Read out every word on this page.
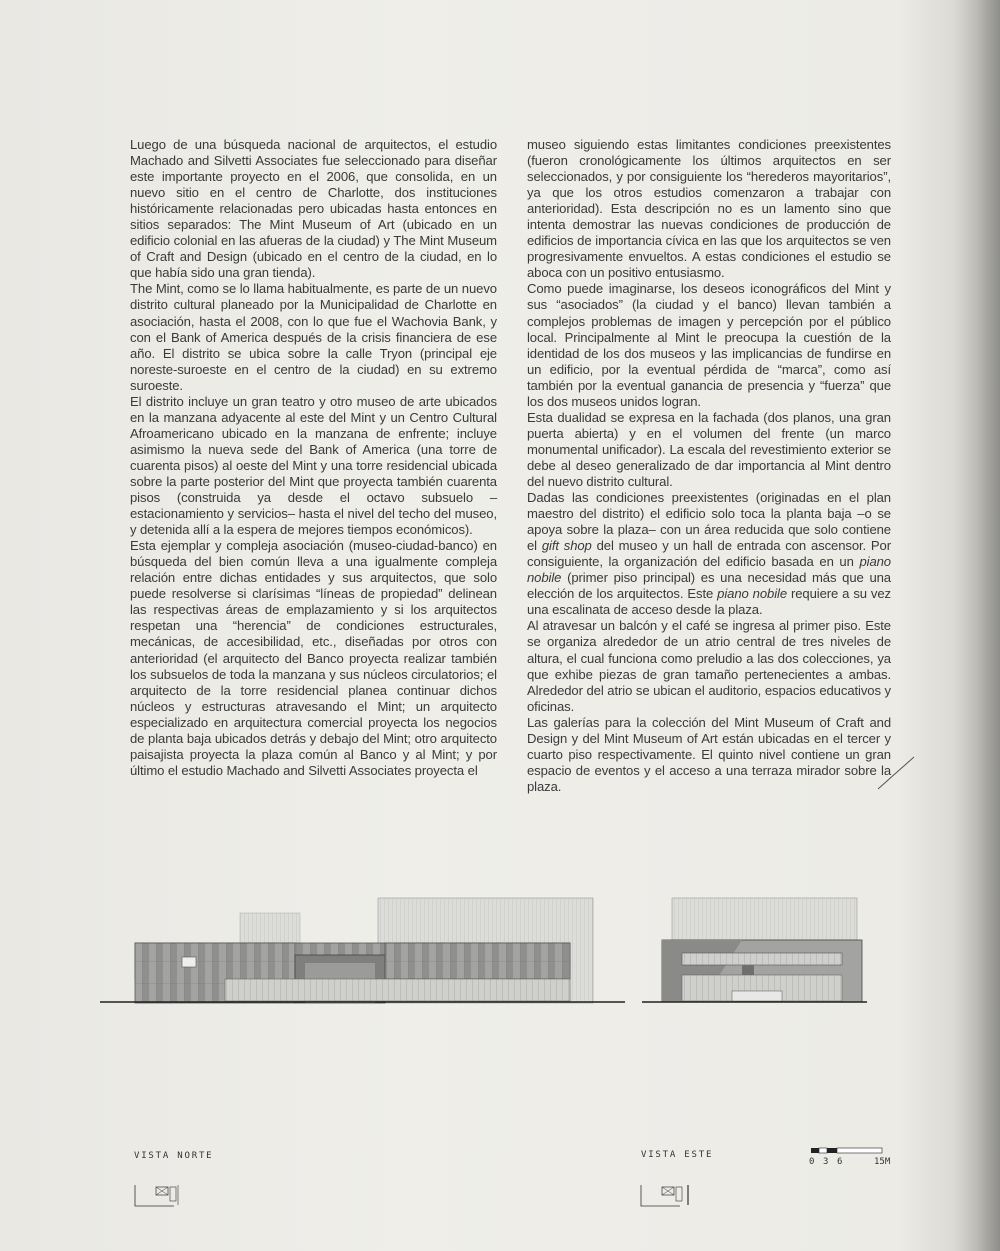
Luego de una búsqueda nacional de arquitectos, el estudio Machado and Silvetti Associates fue seleccionado para diseñar este importante proyecto en el 2006, que consolida, en un nuevo sitio en el centro de Charlotte, dos instituciones históricamente relacionadas pero ubicadas hasta entonces en sitios separados: The Mint Museum of Art (ubicado en un edificio colonial en las afueras de la ciudad) y The Mint Museum of Craft and Design (ubicado en el centro de la ciudad, en lo que había sido una gran tienda).

The Mint, como se lo llama habitualmente, es parte de un nuevo distrito cultural planeado por la Municipalidad de Charlotte en asociación, hasta el 2008, con lo que fue el Wachovia Bank, y con el Bank of America después de la crisis financiera de ese año. El distrito se ubica sobre la calle Tryon (principal eje noreste-suroeste en el centro de la ciudad) en su extremo suroeste.

El distrito incluye un gran teatro y otro museo de arte ubicados en la manzana adyacente al este del Mint y un Centro Cultural Afroamericano ubicado en la manzana de enfrente; incluye asimismo la nueva sede del Bank of America (una torre de cuarenta pisos) al oeste del Mint y una torre residencial ubicada sobre la parte posterior del Mint que proyecta también cuarenta pisos (construida ya desde el octavo subsuelo –estacionamiento y servicios– hasta el nivel del techo del museo, y detenida allí a la espera de mejores tiempos económicos).

Esta ejemplar y compleja asociación (museo-ciudad-banco) en búsqueda del bien común lleva a una igualmente compleja relación entre dichas entidades y sus arquitectos, que solo puede resolverse si clarísimas “líneas de propiedad” delinean las respectivas áreas de emplazamiento y si los arquitectos respetan una “herencia” de condiciones estructurales, mecánicas, de accesibilidad, etc., diseñadas por otros con anterioridad (el arquitecto del Banco proyecta realizar también los subsuelos de toda la manzana y sus núcleos circulatorios; el arquitecto de la torre residencial planea continuar dichos núcleos y estructuras atravesando el Mint; un arquitecto especializado en arquitectura comercial proyecta los negocios de planta baja ubicados detrás y debajo del Mint; otro arquitecto paisajista proyecta la plaza común al Banco y al Mint; y por último el estudio Machado and Silvetti Associates proyecta el

museo siguiendo estas limitantes condiciones preexistentes (fueron cronológicamente los últimos arquitectos en ser seleccionados, y por consiguiente los “herederos mayoritarios”, ya que los otros estudios comenzaron a trabajar con anterioridad). Esta descripción no es un lamento sino que intenta demostrar las nuevas condiciones de producción de edificios de importancia cívica en las que los arquitectos se ven progresivamente envueltos. A estas condiciones el estudio se aboca con un positivo entusiasmo.

Como puede imaginarse, los deseos iconográficos del Mint y sus “asociados” (la ciudad y el banco) llevan también a complejos problemas de imagen y percepción por el público local. Principalmente al Mint le preocupa la cuestión de la identidad de los dos museos y las implicancias de fundirse en un edificio, por la eventual pérdida de “marca”, como así también por la eventual ganancia de presencia y “fuerza” que los dos museos unidos logran.

Esta dualidad se expresa en la fachada (dos planos, una gran puerta abierta) y en el volumen del frente (un marco monumental unificador). La escala del revestimiento exterior se debe al deseo generalizado de dar importancia al Mint dentro del nuevo distrito cultural.

Dadas las condiciones preexistentes (originadas en el plan maestro del distrito) el edificio solo toca la planta baja –o se apoya sobre la plaza– con un área reducida que solo contiene el gift shop del museo y un hall de entrada con ascensor. Por consiguiente, la organización del edificio basada en un piano nobile (primer piso principal) es una necesidad más que una elección de los arquitectos. Este piano nobile requiere a su vez una escalinata de acceso desde la plaza.

Al atravesar un balcón y el café se ingresa al primer piso. Este se organiza alrededor de un atrio central de tres niveles de altura, el cual funciona como preludio a las dos colecciones, ya que exhibe piezas de gran tamaño pertenecientes a ambas. Alrededor del atrio se ubican el auditorio, espacios educativos y oficinas.

Las galerías para la colección del Mint Museum of Craft and Design y del Mint Museum of Art están ubicadas en el tercer y cuarto piso respectivamente. El quinto nivel contiene un gran espacio de eventos y el acceso a una terraza mirador sobre la plaza.

VISTA NORTE	VISTA ESTE
0 3 6	15M
